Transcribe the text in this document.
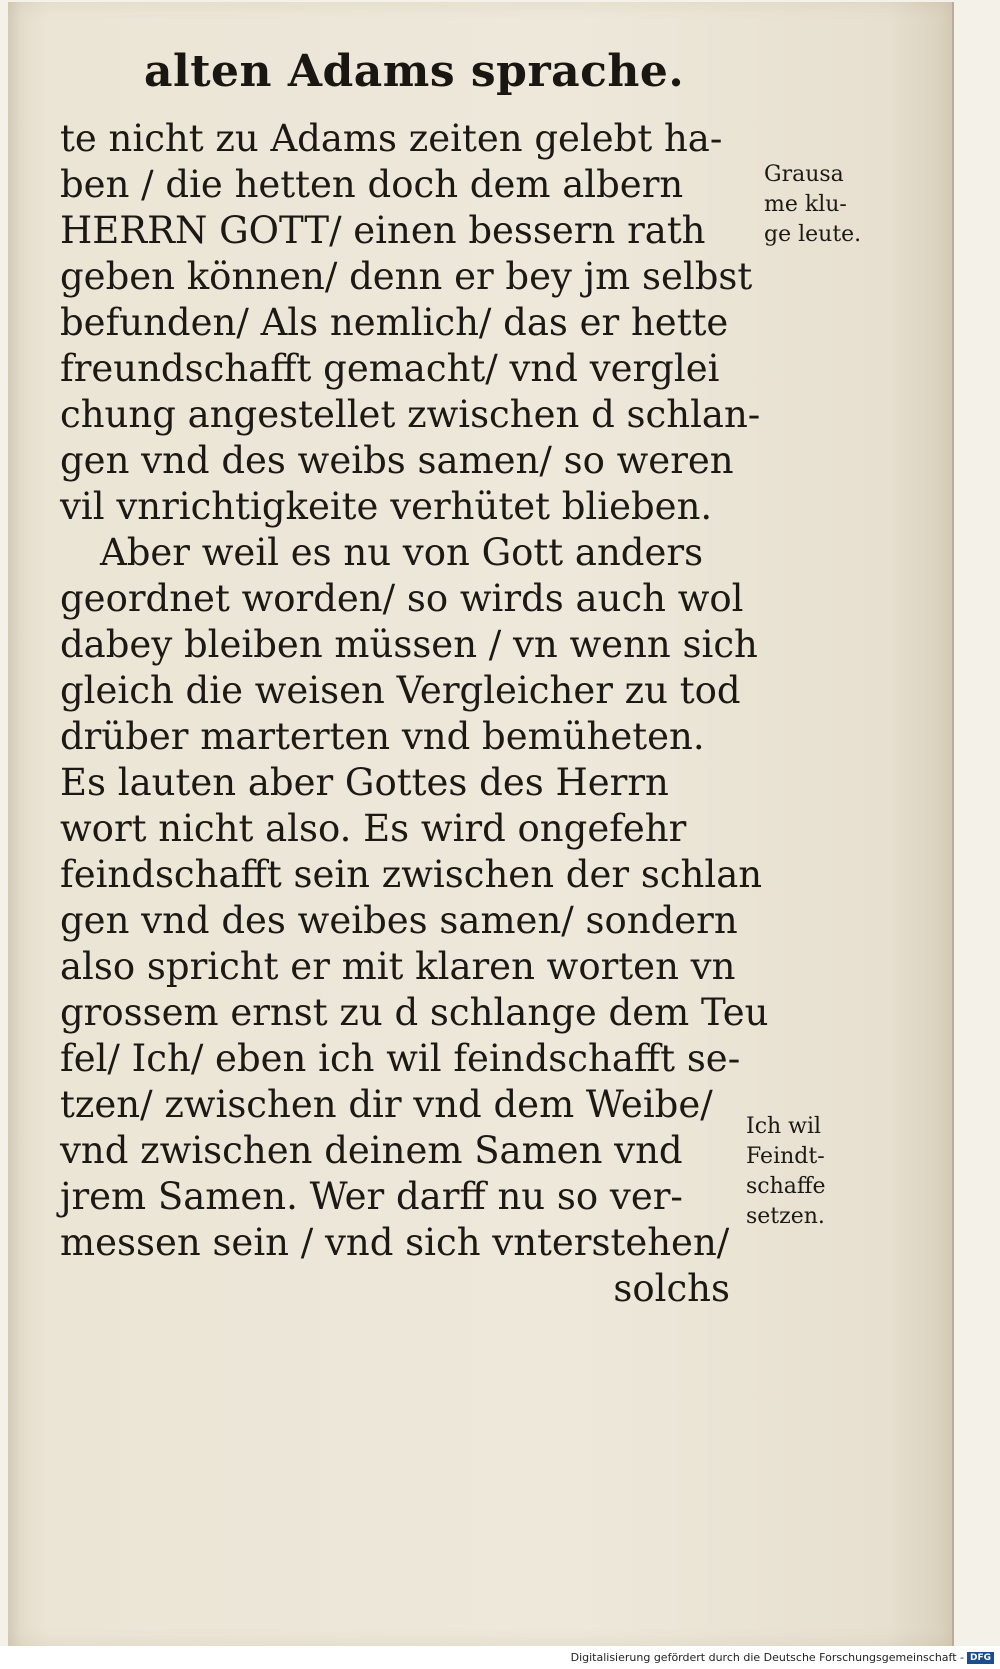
alten Adams sprache.
te nicht zu Adams zeiten gelebt ha-
ben / die hetten doch dem albern
HERRN GOTT/ einen bessern rath
geben können/ denn er bey jm selbst
befunden/ Als nemlich/ das er hette
freundschafft gemacht/ vnd verglei
chung angestellet zwischen d schlan-
gen vnd des weibs samen/ so weren
vil vnrichtigkeite verhütet blieben.
Aber weil es nu von Gott anders
geordnet worden/ so wirds auch wol
dabey bleiben müssen / vn wenn sich
gleich die weisen Vergleicher zu tod
drüber marterten vnd bemüheten.
Es lauten aber Gottes des Herrn
wort nicht also. Es wird ongefehr
feindschafft sein zwischen der schlan
gen vnd des weibes samen/ sondern
also spricht er mit klaren worten vn
grossem ernst zu d schlange dem Teu
fel/ Ich/ eben ich wil feindschafft se-
tzen/ zwischen dir vnd dem Weibe/
vnd zwischen deinem Samen vnd
jrem Samen. Wer darff nu so ver-
messen sein / vnd sich vnterstehen/
solchs
Grausa
me klu-
ge leute.
Ich wil
Feindt-
schaffe
setzen.
Digitalisierung gefördert durch die Deutsche Forschungsgemeinschaft - DFG
